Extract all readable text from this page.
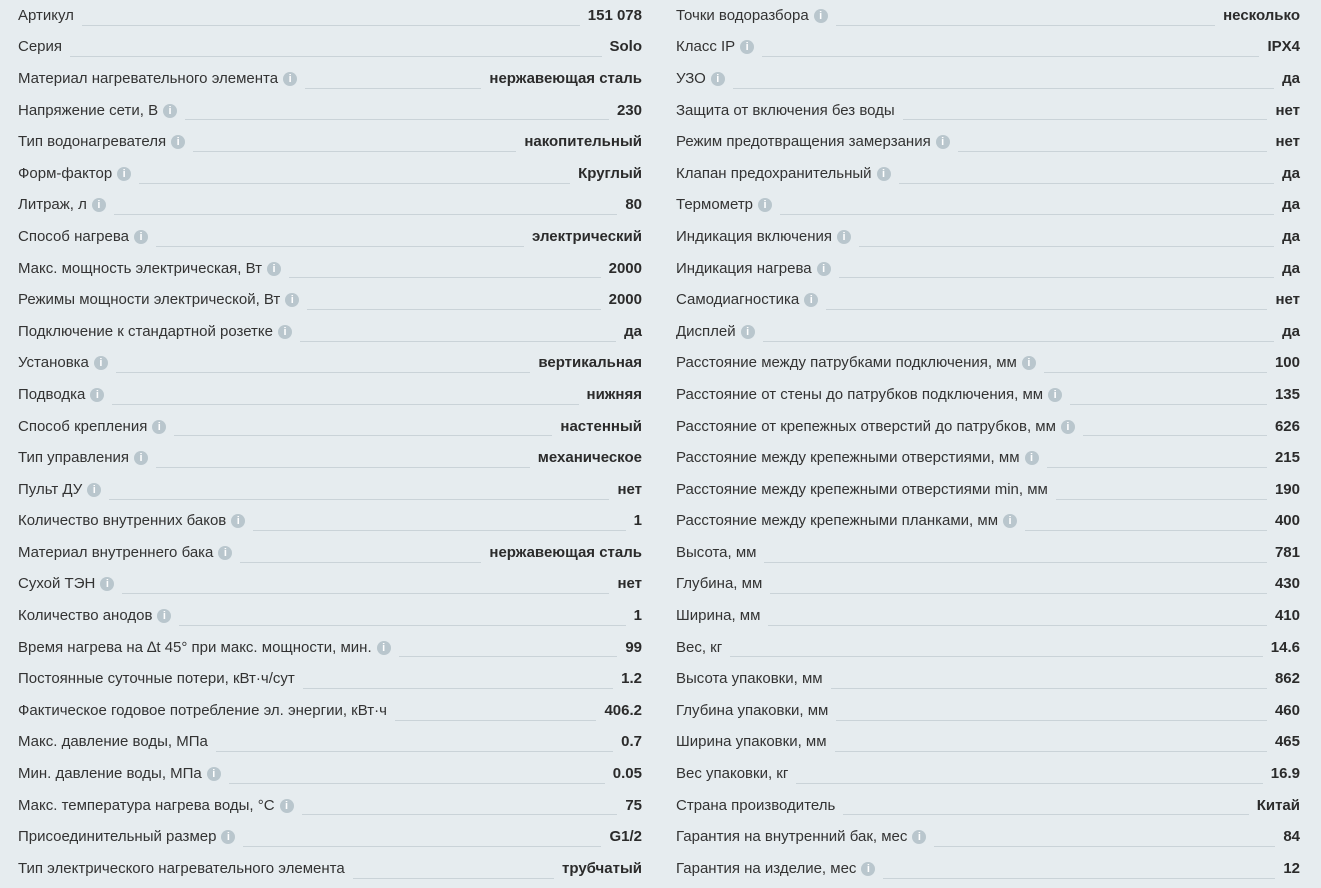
Артикул	151 078
Серия	Solo
Материал нагревательного элемента i	нержавеющая сталь
Напряжение сети, В i	230
Тип водонагревателя i	накопительный
Форм-фактор i	Круглый
Литраж, л i	80
Способ нагрева i	электрический
Макс. мощность электрическая, Вт i	2000
Режимы мощности электрической, Вт i	2000
Подключение к стандартной розетке i	да
Установка i	вертикальная
Подводка i	нижняя
Способ крепления i	настенный
Тип управления i	механическое
Пульт ДУ i	нет
Количество внутренних баков i	1
Материал внутреннего бака i	нержавеющая сталь
Сухой ТЭН i	нет
Количество анодов i	1
Время нагрева на ∆t 45° при макс. мощности, мин. i	99
Постоянные суточные потери, кВт·ч/сут	1.2
Фактическое годовое потребление эл. энергии, кВт·ч	406.2
Макс. давление воды, МПа	0.7
Мин. давление воды, МПа i	0.05
Макс. температура нагрева воды, °C i	75
Присоединительный размер i	G1/2
Тип электрического нагревательного элемента	трубчатый
Точки водоразбора i	несколько
Класс IP i	IPX4
УЗО i	да
Защита от включения без воды	нет
Режим предотвращения замерзания i	нет
Клапан предохранительный i	да
Термометр i	да
Индикация включения i	да
Индикация нагрева i	да
Самодиагностика i	нет
Дисплей i	да
Расстояние между патрубками подключения, мм i	100
Расстояние от стены до патрубков подключения, мм i	135
Расстояние от крепежных отверстий до патрубков, мм i	626
Расстояние между крепежными отверстиями, мм i	215
Расстояние между крепежными отверстиями min, мм	190
Расстояние между крепежными планками, мм i	400
Высота, мм	781
Глубина, мм	430
Ширина, мм	410
Вес, кг	14.6
Высота упаковки, мм	862
Глубина упаковки, мм	460
Ширина упаковки, мм	465
Вес упаковки, кг	16.9
Страна производитель	Китай
Гарантия на внутренний бак, мес i	84
Гарантия на изделие, мес i	12
